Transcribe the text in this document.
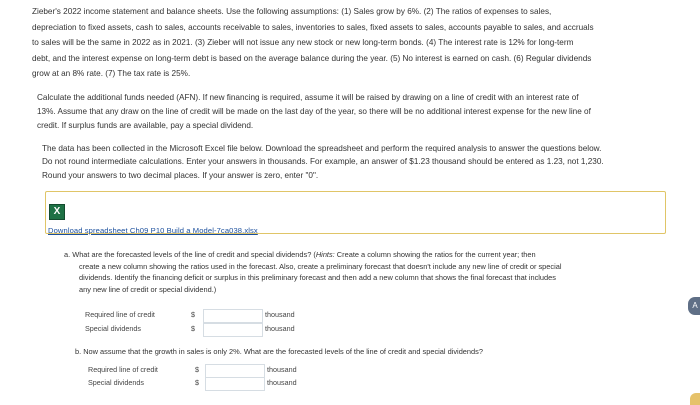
Zieber's 2022 income statement and balance sheets. Use the following assumptions: (1) Sales grow by 6%. (2) The ratios of expenses to sales,

depreciation to fixed assets, cash to sales, accounts receivable to sales, inventories to sales, fixed assets to sales, accounts payable to sales, and accruals

to sales will be the same in 2022 as in 2021. (3) Zieber will not issue any new stock or new long-term bonds. (4) The interest rate is 12% for long-term

debt, and the interest expense on long-term debt is based on the average balance during the year. (5) No interest is earned on cash. (6) Regular dividends

grow at an 8% rate. (7) The tax rate is 25%.

Calculate the additional funds needed (AFN). If new financing is required, assume it will be raised by drawing on a line of credit with an interest rate of
13%. Assume that any draw on the line of credit will be made on the last day of the year, so there will be no additional interest expense for the new line of
credit. If surplus funds are available, pay a special dividend.
The data has been collected in the Microsoft Excel file below. Download the spreadsheet and perform the required analysis to answer the questions below.
Do not round intermediate calculations. Enter your answers in thousands. For example, an answer of $1.23 thousand should be entered as 1.23, not 1,230.
Round your answers to two decimal places. If your answer is zero, enter "0".
X
Download spreadsheet Ch09 P10 Build a Model-7ca038.xlsx
a. What are the forecasted levels of the line of credit and special dividends? (Hints: Create a column showing the ratios for the current year; then
create a new column showing the ratios used in the forecast. Also, create a preliminary forecast that doesn't include any new line of credit or special
dividends. Identify the financing deficit or surplus in this preliminary forecast and then add a new column that shows the final forecast that includes
any new line of credit or special dividend.)
Required line of credit	$	thousand
Special dividends	$	thousand
b. Now assume that the growth in sales is only 2%. What are the forecasted levels of the line of credit and special dividends?
Required line of credit	$	thousand
Special dividends	$	thousand
A
